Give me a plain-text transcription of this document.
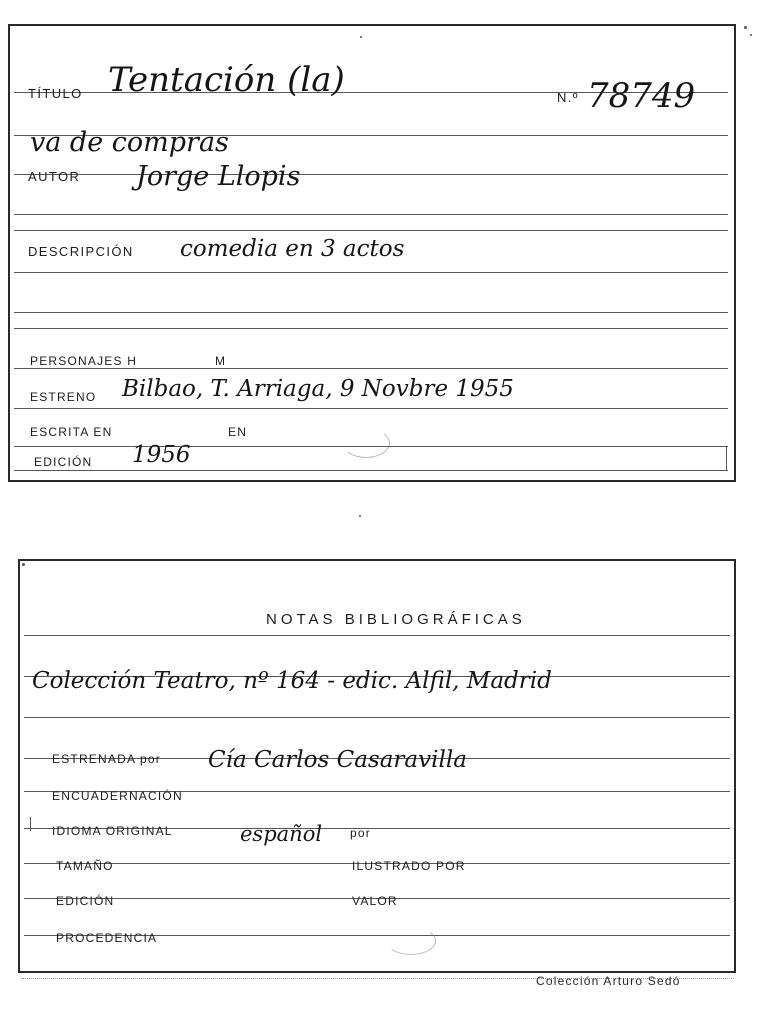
TÍTULO Tentación (la)	N.º 78749
va de compras
AUTOR Jorge Llopis
DESCRIPCIÓN comedia en 3 actos
PERSONAJES H	M
ESTRENO Bilbao, T. Arriaga, 9 Novbre 1955
ESCRITA EN	EN
EDICIÓN 1956
NOTAS BIBLIOGRÁFICAS
Colección Teatro, nº 164 - edic. Alfil, Madrid
ESTRENADA por Cía Carlos Casaravilla
ENCUADERNACIÓN
IDIOMA ORIGINAL	español por
TAMAÑO	ILUSTRADO POR
EDICIÓN	VALOR
PROCEDENCIA
Colección Arturo Sedó
